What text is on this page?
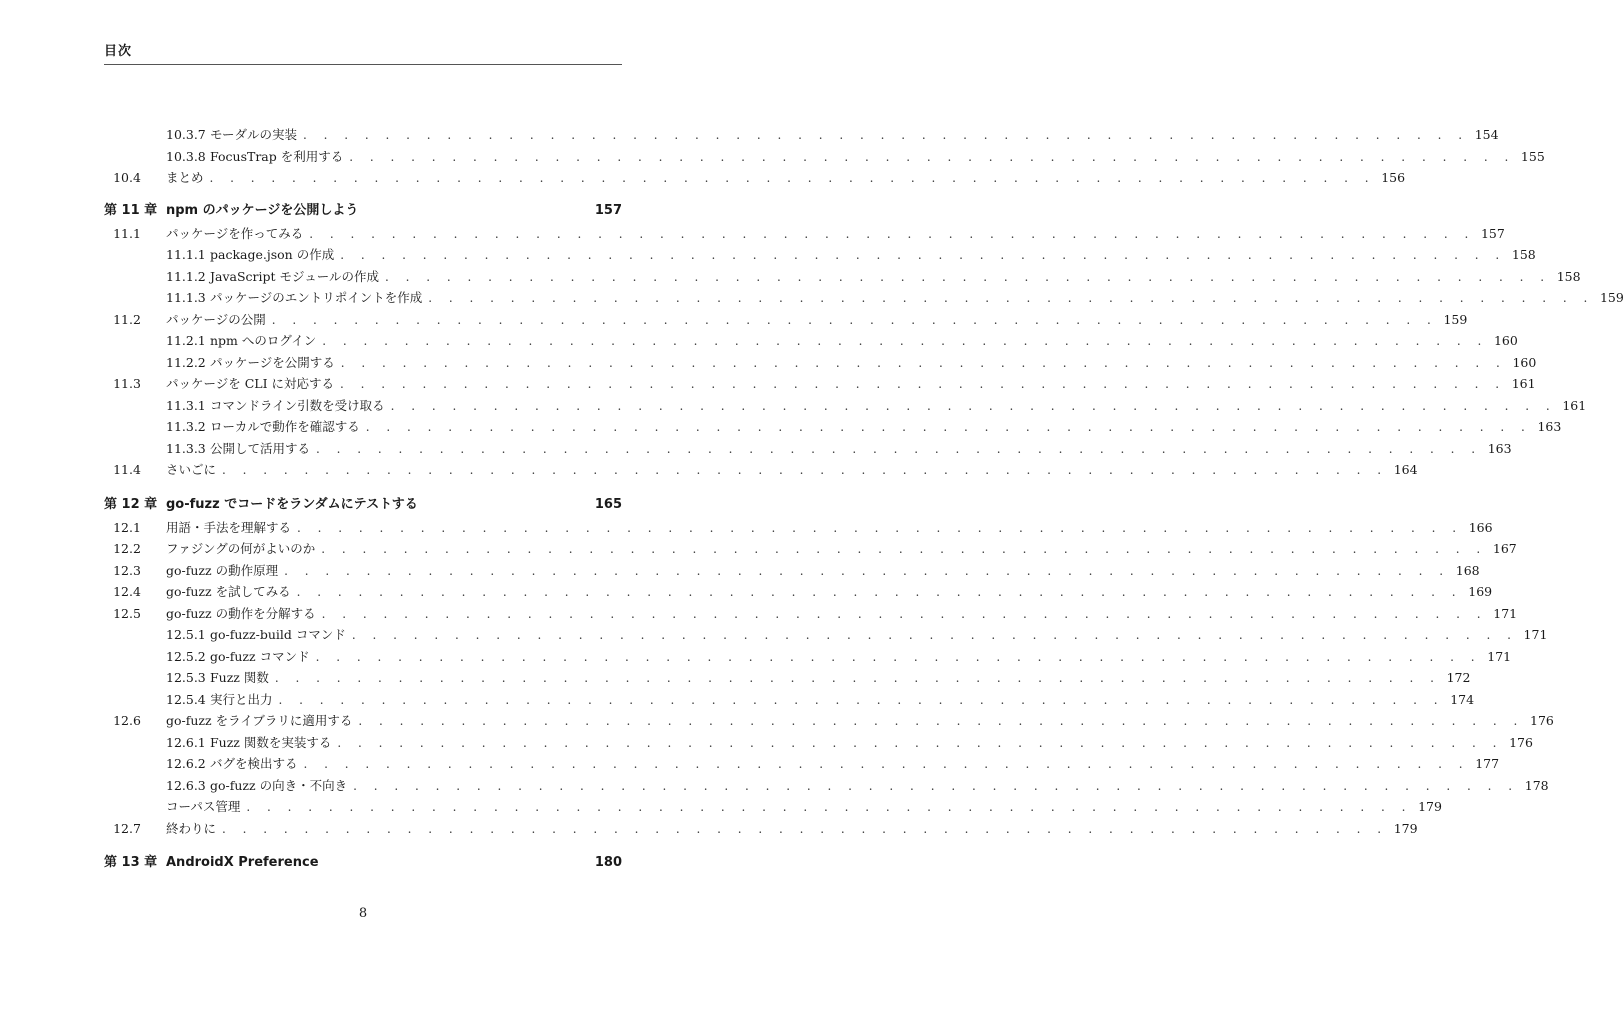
目次
10.3.7 モーダルの実装 . . . . . . . . . . . . . . . . . . . . . . . . . . . . . . . . . . . . . . . . . . . . . . . . . . . . . . . . . 154
10.3.8 FocusTrap を利用する . . . . . . . . . . . . . . . . . . . . . . . . . . . . . . . . . . . . . . . . . . . . . . . . . . . . . . . . . 155
10.4	まとめ . . . . . . . . . . . . . . . . . . . . . . . . . . . . . . . . . . . . . . . . . . . . . . . . . . . . . . . . . 156
第 11 章 npm のパッケージを公開しよう	157
11.1	パッケージを作ってみる . . . . . . . . . . . . . . . . . . . . . . . . . . . . . . . . . . . . . . . . . . . . . . . . . . . . . . . . . 157
11.1.1 package.json の作成 . . . . . . . . . . . . . . . . . . . . . . . . . . . . . . . . . . . . . . . . . . . . . . . . . . . . . . . . . 158
11.1.2 JavaScript モジュールの作成 . . . . . . . . . . . . . . . . . . . . . . . . . . . . . . . . . . . . . . . . . . . . . . . . . . . . . . . . . 158
11.1.3 パッケージのエントリポイントを作成 . . . . . . . . . . . . . . . . . . . . . . . . . . . . . . . . . . . . . . . . . . . . . . . . . . . . . . . . . 159
11.2	パッケージの公開 . . . . . . . . . . . . . . . . . . . . . . . . . . . . . . . . . . . . . . . . . . . . . . . . . . . . . . . . . 159
11.2.1 npm へのログイン . . . . . . . . . . . . . . . . . . . . . . . . . . . . . . . . . . . . . . . . . . . . . . . . . . . . . . . . . 160
11.2.2 パッケージを公開する . . . . . . . . . . . . . . . . . . . . . . . . . . . . . . . . . . . . . . . . . . . . . . . . . . . . . . . . . 160
11.3	パッケージを CLI に対応する . . . . . . . . . . . . . . . . . . . . . . . . . . . . . . . . . . . . . . . . . . . . . . . . . . . . . . . . . 161
11.3.1 コマンドライン引数を受け取る . . . . . . . . . . . . . . . . . . . . . . . . . . . . . . . . . . . . . . . . . . . . . . . . . . . . . . . . . 161
11.3.2 ローカルで動作を確認する . . . . . . . . . . . . . . . . . . . . . . . . . . . . . . . . . . . . . . . . . . . . . . . . . . . . . . . . . 163
11.3.3 公開して活用する . . . . . . . . . . . . . . . . . . . . . . . . . . . . . . . . . . . . . . . . . . . . . . . . . . . . . . . . . 163
11.4	さいごに . . . . . . . . . . . . . . . . . . . . . . . . . . . . . . . . . . . . . . . . . . . . . . . . . . . . . . . . . 164
第 12 章 go-fuzz でコードをランダムにテストする	165
12.1	用語・手法を理解する . . . . . . . . . . . . . . . . . . . . . . . . . . . . . . . . . . . . . . . . . . . . . . . . . . . . . . . . . 166
12.2	ファジングの何がよいのか . . . . . . . . . . . . . . . . . . . . . . . . . . . . . . . . . . . . . . . . . . . . . . . . . . . . . . . . . 167
12.3	go-fuzz の動作原理 . . . . . . . . . . . . . . . . . . . . . . . . . . . . . . . . . . . . . . . . . . . . . . . . . . . . . . . . . 168
12.4	go-fuzz を試してみる . . . . . . . . . . . . . . . . . . . . . . . . . . . . . . . . . . . . . . . . . . . . . . . . . . . . . . . . . 169
12.5	go-fuzz の動作を分解する . . . . . . . . . . . . . . . . . . . . . . . . . . . . . . . . . . . . . . . . . . . . . . . . . . . . . . . . . 171
12.5.1 go-fuzz-build コマンド . . . . . . . . . . . . . . . . . . . . . . . . . . . . . . . . . . . . . . . . . . . . . . . . . . . . . . . . . 171
12.5.2 go-fuzz コマンド . . . . . . . . . . . . . . . . . . . . . . . . . . . . . . . . . . . . . . . . . . . . . . . . . . . . . . . . . 171
12.5.3 Fuzz 関数 . . . . . . . . . . . . . . . . . . . . . . . . . . . . . . . . . . . . . . . . . . . . . . . . . . . . . . . . . 172
12.5.4 実行と出力 . . . . . . . . . . . . . . . . . . . . . . . . . . . . . . . . . . . . . . . . . . . . . . . . . . . . . . . . . 174
12.6	go-fuzz をライブラリに適用する . . . . . . . . . . . . . . . . . . . . . . . . . . . . . . . . . . . . . . . . . . . . . . . . . . . . . . . . . 176
12.6.1 Fuzz 関数を実装する . . . . . . . . . . . . . . . . . . . . . . . . . . . . . . . . . . . . . . . . . . . . . . . . . . . . . . . . . 176
12.6.2 バグを検出する . . . . . . . . . . . . . . . . . . . . . . . . . . . . . . . . . . . . . . . . . . . . . . . . . . . . . . . . . 177
12.6.3 go-fuzz の向き・不向き . . . . . . . . . . . . . . . . . . . . . . . . . . . . . . . . . . . . . . . . . . . . . . . . . . . . . . . . . 178
コーパス管理 . . . . . . . . . . . . . . . . . . . . . . . . . . . . . . . . . . . . . . . . . . . . . . . . . . . . . . . . . 179
12.7	終わりに . . . . . . . . . . . . . . . . . . . . . . . . . . . . . . . . . . . . . . . . . . . . . . . . . . . . . . . . . 179
第 13 章 AndroidX Preference	180
8
